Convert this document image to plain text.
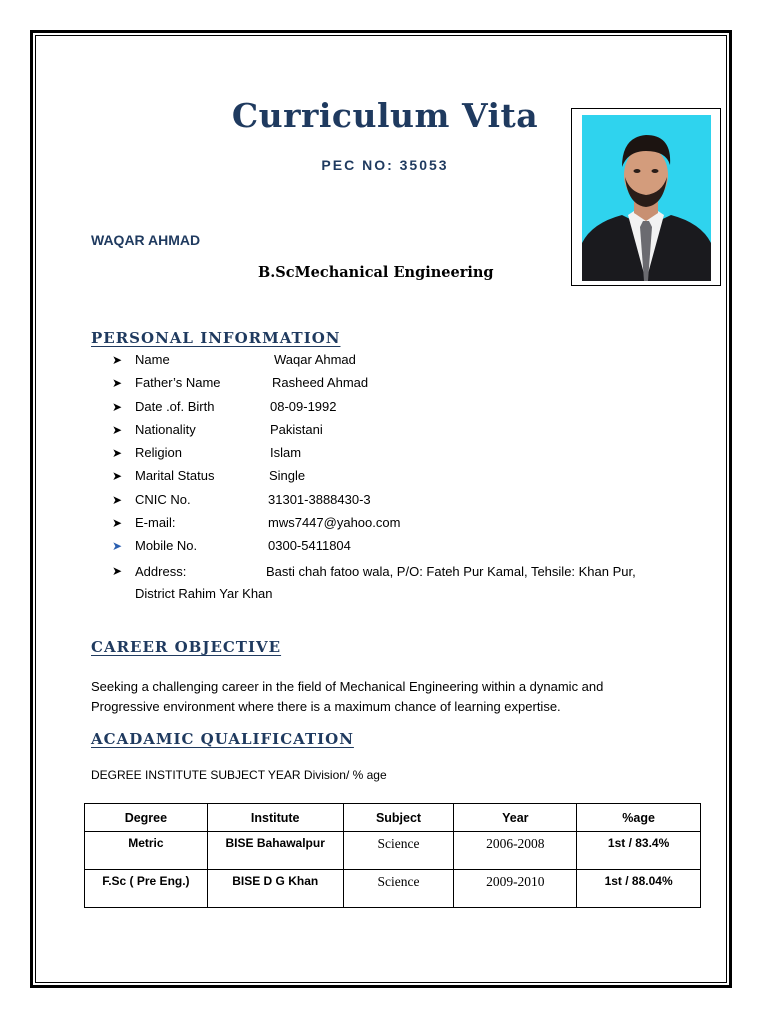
Curriculum Vita
PEC NO: 35053
WAQAR AHMAD
B.ScMechanical Engineering
PERSONAL INFORMATION
➤ Name	Waqar Ahmad
➤ Father’s Name	Rasheed Ahmad
➤ Date .of. Birth	08-09-1992
➤ Nationality	Pakistani
➤ Religion	Islam
➤ Marital Status	Single
➤ CNIC No.	31301-3888430-3
➤ E-mail:	mws7447@yahoo.com
➤ Mobile No.	0300-5411804
➤ Address:	Basti chah fatoo wala, P/O: Fateh Pur Kamal, Tehsile: Khan Pur,
District Rahim Yar Khan
CAREER OBJECTIVE
Seeking a challenging career in the field of Mechanical Engineering within a dynamic and
Progressive environment where there is a maximum chance of learning expertise.
ACADAMIC QUALIFICATION
DEGREE INSTITUTE SUBJECT YEAR Division/ % age
Degree	Institute	Subject	Year	%age
Metric	BISE Bahawalpur	Science	2006-2008	1st / 83.4%
F.Sc ( Pre Eng.)	BISE D G Khan	Science	2009-2010	1st / 88.04%
